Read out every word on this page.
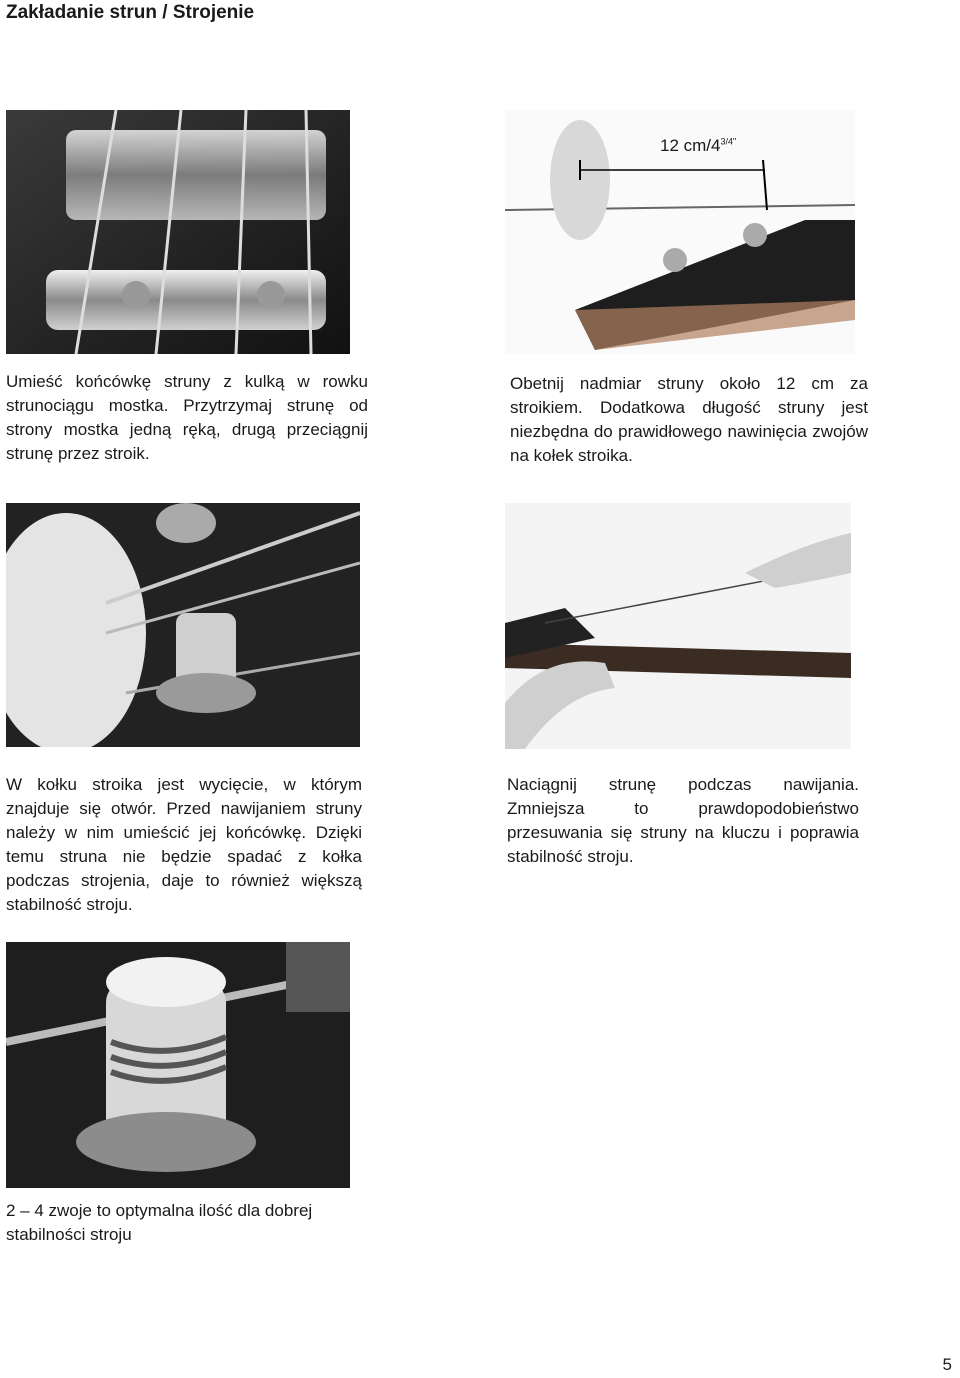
Zakładanie strun / Strojenie
12 $cm/4^{3/4"}$
Umieść końcówkę struny z kulką w rowku strunociągu mostka. Przytrzymaj strunę od strony mostka jedną ręką, drugą przeciągnij strunę przez stroik.
Obetnij nadmiar struny około 12 cm za stroikiem. Dodatkowa długość struny jest niezbędna do prawidłowego nawinięcia zwojów na kołek stroika.
W kołku stroika jest wycięcie, w którym znajduje się otwór. Przed nawijaniem struny należy w nim umieścić jej końcówkę. Dzięki temu struna nie będzie spadać z kołka podczas strojenia, daje to również większą stabilność stroju.
Naciągnij strunę podczas nawijania. Zmniejsza to prawdopodobieństwo przesuwania się struny na kluczu i poprawia stabilność stroju.
2 – 4 zwoje to optymalna ilość dla dobrej stabilności stroju
5
